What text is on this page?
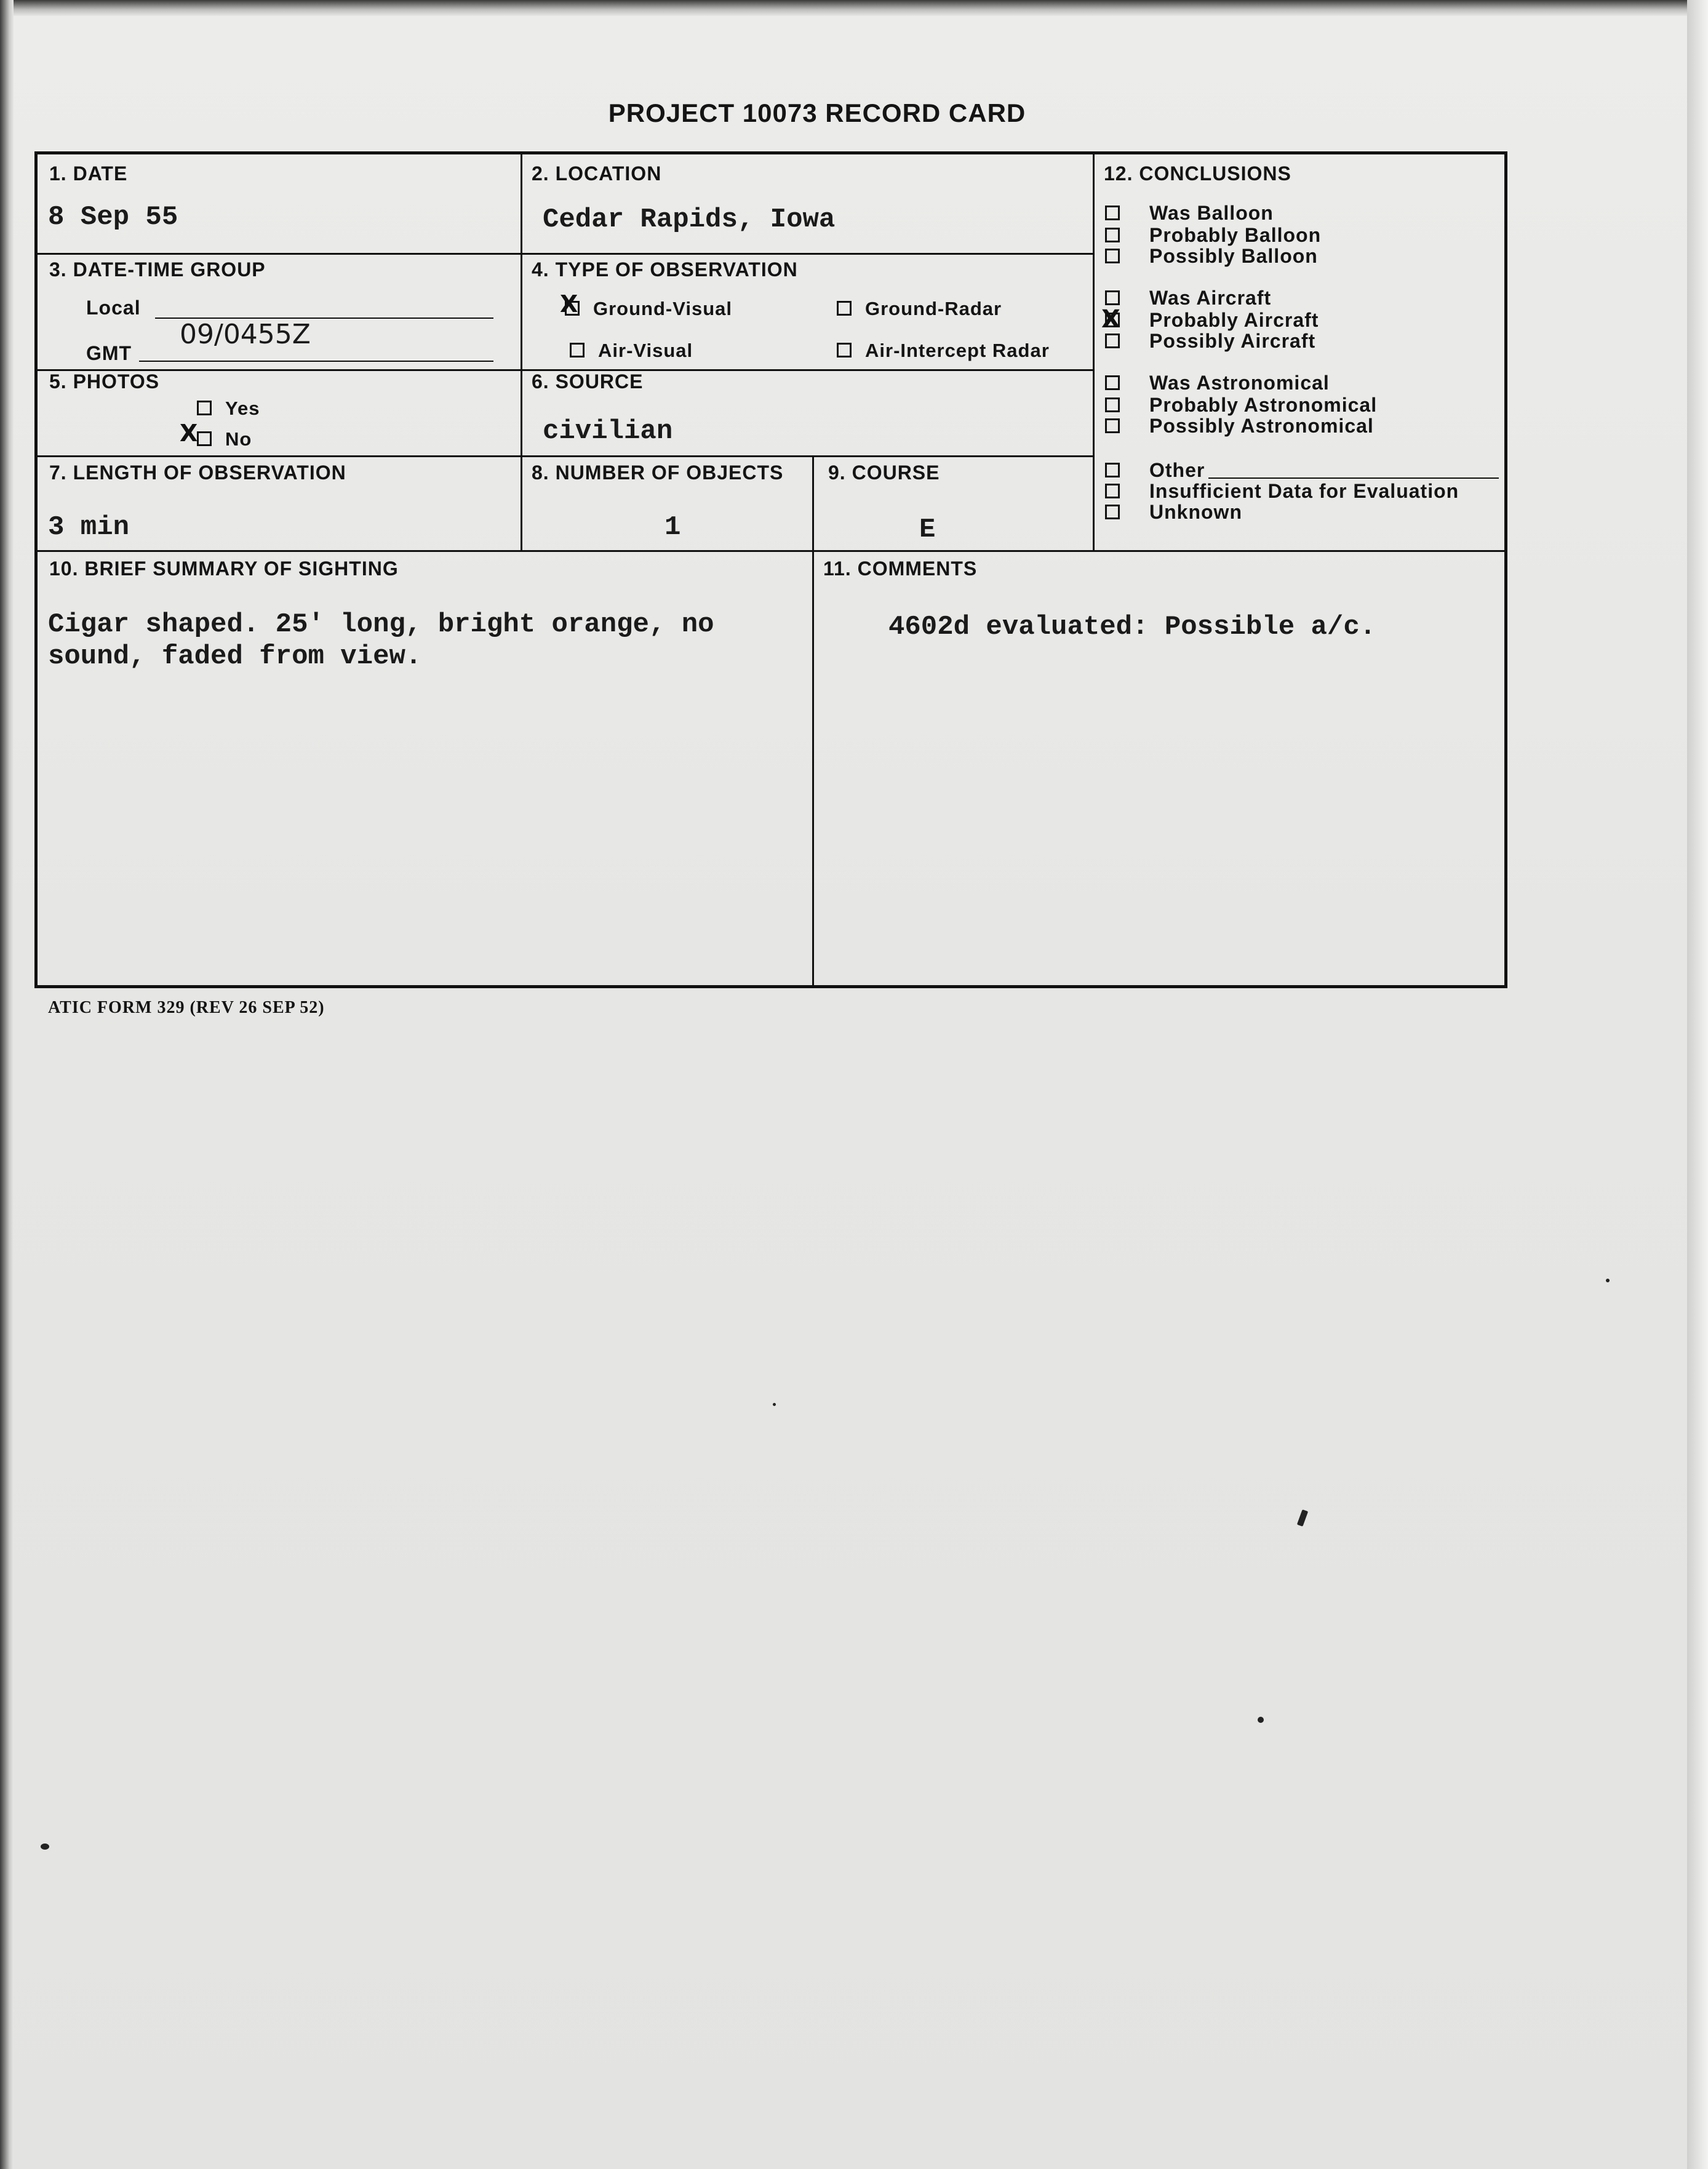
PROJECT 10073 RECORD CARD
1. DATE
8 Sep 55
2. LOCATION
Cedar Rapids, Iowa
3. DATE-TIME GROUP
Local
GMT
09/0455Z
4. TYPE OF OBSERVATION
Ground-Visual
X	Ground-Radar
Air-Visual	Air-Intercept Radar
5. PHOTOS
Yes
No
X
6. SOURCE
civilian
7. LENGTH OF OBSERVATION
3 min
8. NUMBER OF OBJECTS
1
9. COURSE
E
10. BRIEF SUMMARY OF SIGHTING
Cigar shaped. 25' long, bright orange, no
sound, faded from view.
11. COMMENTS
4602d evaluated: Possible a/c.
12. CONCLUSIONS
Was Balloon
Probably Balloon
Possibly Balloon
Was Aircraft
Probably Aircraft
X
Possibly Aircraft
Was Astronomical
Probably Astronomical
Possibly Astronomical
Other
Insufficient Data for Evaluation
Unknown
ATIC FORM 329 (REV 26 SEP 52)
